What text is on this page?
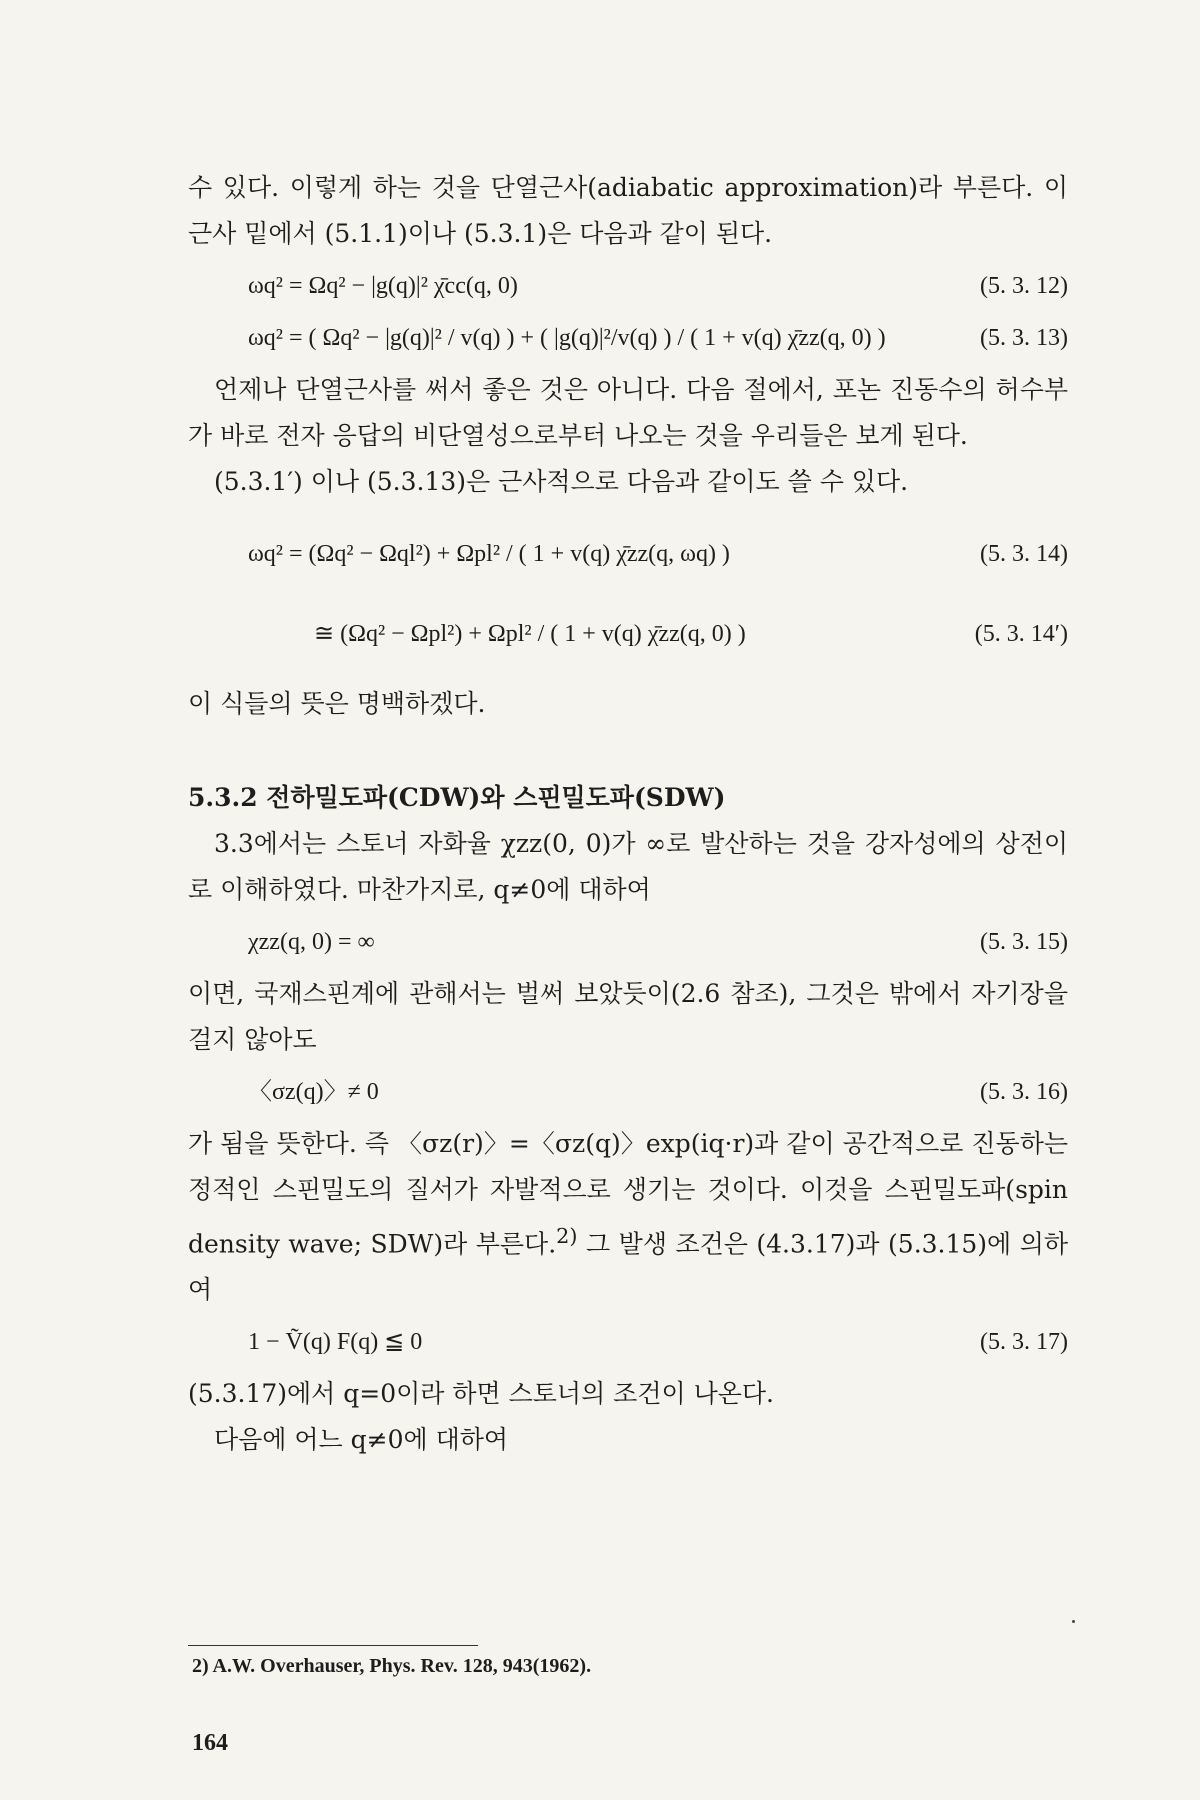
수 있다. 이렇게 하는 것을 단열근사(adiabatic approximation)라 부른다. 이 근사 밑에서 (5.1.1)이나 (5.3.1)은 다음과 같이 된다.

ωq² = Ωq² − |g(q)|² χ̄cc(q, 0)	(5. 3. 12)
ωq² = ( Ωq² − |g(q)|² / v(q) ) + ( |g(q)|²/v(q) ) / ( 1 + v(q) χ̄zz(q, 0) )	(5. 3. 13)

언제나 단열근사를 써서 좋은 것은 아니다. 다음 절에서, 포논 진동수의 허수부가 바로 전자 응답의 비단열성으로부터 나오는 것을 우리들은 보게 된다.

(5.3.1′) 이나 (5.3.13)은 근사적으로 다음과 같이도 쓸 수 있다.

ωq² = (Ωq² − Ωql²) + Ωpl² / ( 1 + v(q) χ̄zz(q, ωq) )	(5. 3. 14)
≅ (Ωq² − Ωpl²) + Ωpl² / ( 1 + v(q) χ̄zz(q, 0) )	(5. 3. 14′)

이 식들의 뜻은 명백하겠다.

5.3.2 전하밀도파(CDW)와 스핀밀도파(SDW)

3.3에서는 스토너 자화율 χzz(0, 0)가 ∞로 발산하는 것을 강자성에의 상전이로 이해하였다. 마찬가지로, q≠0에 대하여

χzz(q, 0) = ∞	(5. 3. 15)

이면, 국재스핀계에 관해서는 벌써 보았듯이(2.6 참조), 그것은 밖에서 자기장을 걸지 않아도

〈σz(q)〉≠ 0	(5. 3. 16)

가 됨을 뜻한다. 즉 〈σz(r)〉=〈σz(q)〉exp(iq·r)과 같이 공간적으로 진동하는 정적인 스핀밀도의 질서가 자발적으로 생기는 것이다. 이것을 스핀밀도파(spin density wave; SDW)라 부른다.$^{2)}$ 그 발생 조건은 (4.3.17)과 (5.3.15)에 의하여

1 − Ṽ(q) F(q) ≦ 0	(5. 3. 17)

(5.3.17)에서 q=0이라 하면 스토너의 조건이 나온다.

다음에 어느 q≠0에 대하여

2) A.W. Overhauser, Phys. Rev. 128, 943(1962).
164
